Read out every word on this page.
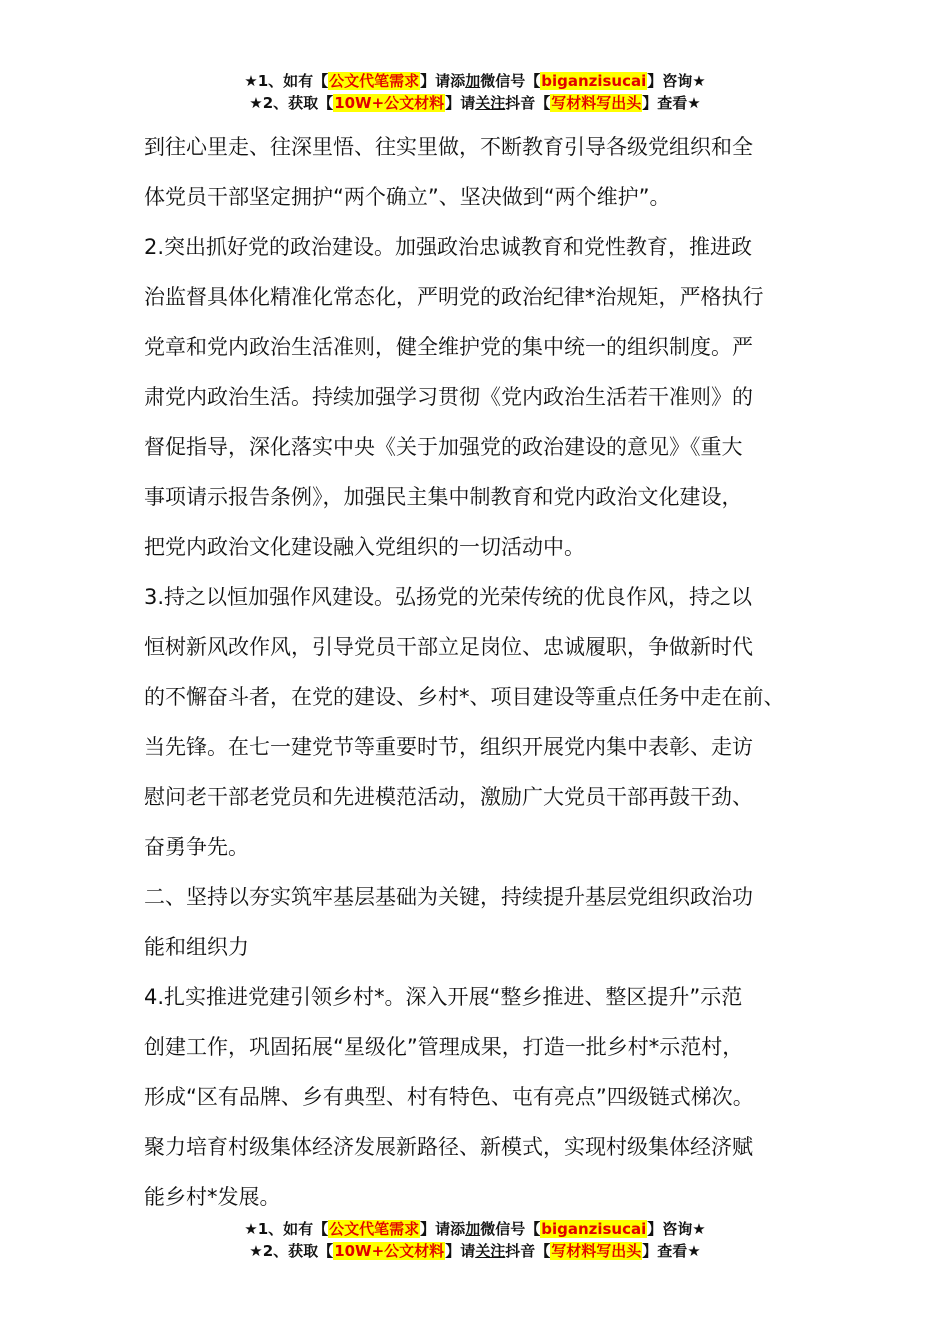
★1、如有【公文代笔需求】请添加微信号【biganzisucai】咨询★
★2、获取【10W+公文材料】请关注抖音【写材料写出头】查看★

到往心里走、往深里悟、往实里做，不断教育引导各级党组织和全

体党员干部坚定拥护“两个确立”、坚决做到“两个维护”。

2.突出抓好党的政治建设。加强政治忠诚教育和党性教育，推进政

治监督具体化精准化常态化，严明党的政治纪律*治规矩，严格执行

党章和党内政治生活准则，健全维护党的集中统一的组织制度。严

肃党内政治生活。持续加强学习贯彻《党内政治生活若干准则》的

督促指导，深化落实中央《关于加强党的政治建设的意见》《重大

事项请示报告条例》，加强民主集中制教育和党内政治文化建设，

把党内政治文化建设融入党组织的一切活动中。

3.持之以恒加强作风建设。弘扬党的光荣传统的优良作风，持之以

恒树新风改作风，引导党员干部立足岗位、忠诚履职，争做新时代

的不懈奋斗者，在党的建设、乡村*、项目建设等重点任务中走在前、

当先锋。在七一建党节等重要时节，组织开展党内集中表彰、走访

慰问老干部老党员和先进模范活动，激励广大党员干部再鼓干劲、

奋勇争先。

二、坚持以夯实筑牢基层基础为关键，持续提升基层党组织政治功

能和组织力

4.扎实推进党建引领乡村*。深入开展“整乡推进、整区提升”示范

创建工作，巩固拓展“星级化”管理成果，打造一批乡村*示范村，

形成“区有品牌、乡有典型、村有特色、屯有亮点”四级链式梯次。

聚力培育村级集体经济发展新路径、新模式，实现村级集体经济赋

能乡村*发展。

★1、如有【公文代笔需求】请添加微信号【biganzisucai】咨询★
★2、获取【10W+公文材料】请关注抖音【写材料写出头】查看★
